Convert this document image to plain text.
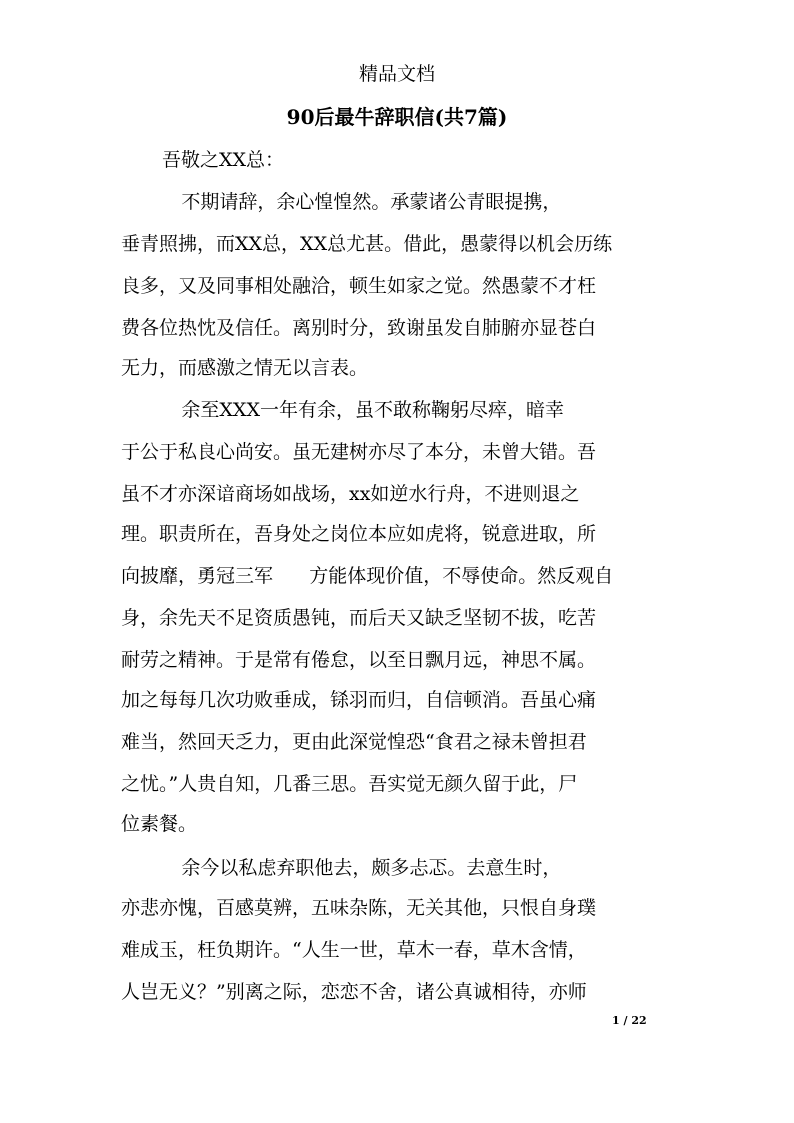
精品文档
90后最牛辞职信(共7篇)
吾敬之XX总：
不期请辞，余心惶惶然。承蒙诸公青眼提携，
垂青照拂，而XX总，XX总尤甚。借此，愚蒙得以机会历练
良多，又及同事相处融洽，顿生如家之觉。然愚蒙不才枉
费各位热忱及信任。离别时分，致谢虽发自肺腑亦显苍白
无力，而感激之情无以言表。
余至XXX一年有余，虽不敢称鞠躬尽瘁，暗幸
于公于私良心尚安。虽无建树亦尽了本分，未曾大错。吾
虽不才亦深谙商场如战场，xx如逆水行舟，不进则退之
理。职责所在，吾身处之岗位本应如虎将，锐意进取，所
向披靡，勇冠三军      方能体现价值，不辱使命。然反观自
身，余先天不足资质愚钝，而后天又缺乏坚韧不拔，吃苦
耐劳之精神。于是常有倦怠，以至日飘月远，神思不属。
加之每每几次功败垂成，铩羽而归，自信顿消。吾虽心痛
难当，然回天乏力，更由此深觉惶恐“食君之禄未曾担君
之忧。”人贵自知，几番三思。吾实觉无颜久留于此，尸
位素餐。
余今以私虑弃职他去，颇多忐忑。去意生时，
亦悲亦愧，百感莫辨，五味杂陈，无关其他，只恨自身璞
难成玉，枉负期许。“人生一世，草木一春，草木含情，
人岂无义？”别离之际，恋恋不舍，诸公真诚相待，亦师
1 / 22
